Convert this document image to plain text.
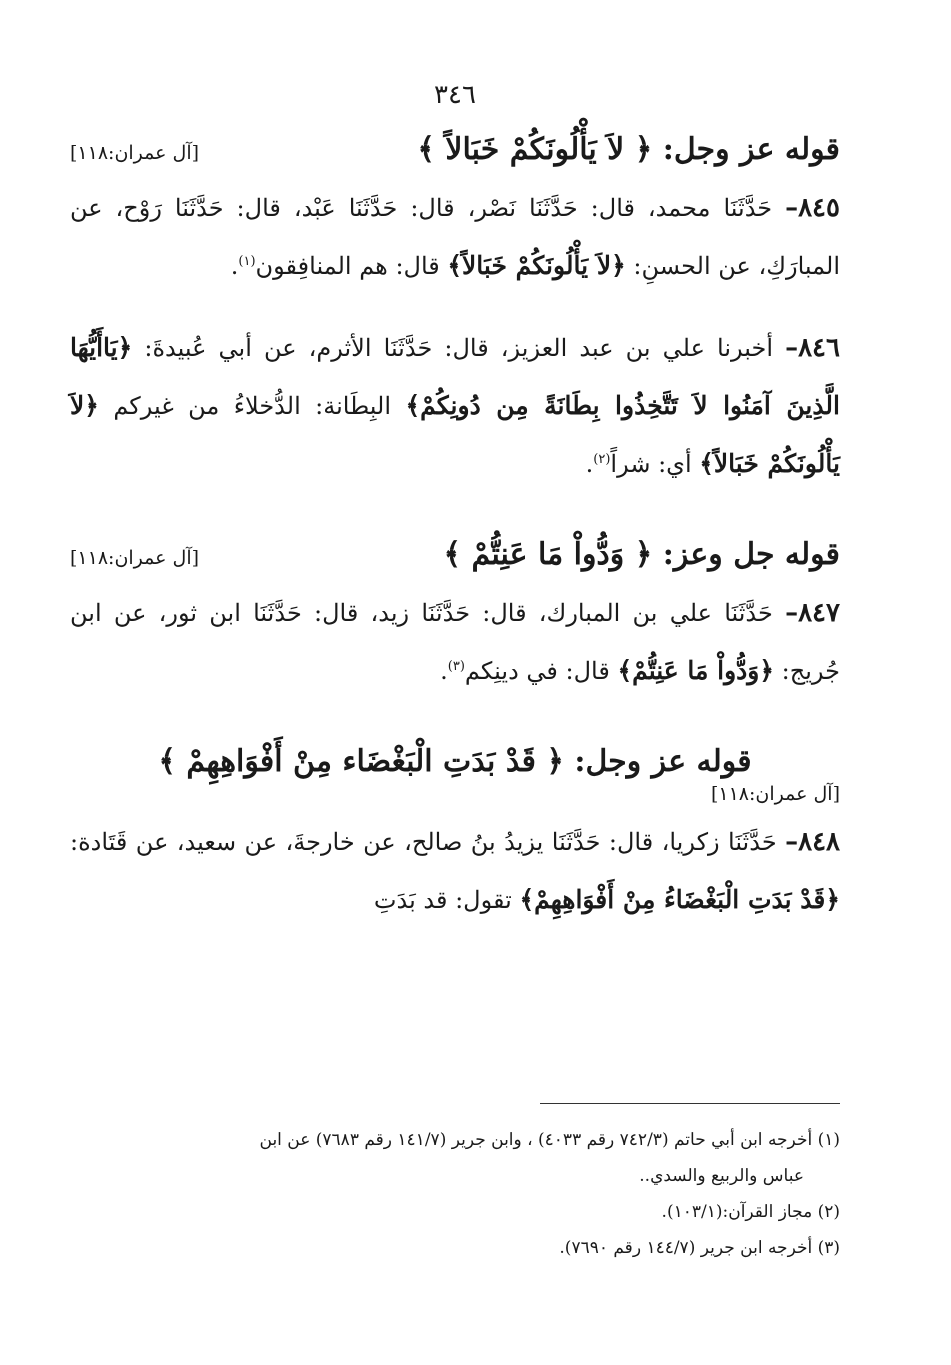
٣٤٦
قوله عز وجل: ﴿ لاَ يَأْلُونَكُمْ خَبَالاً ﴾
[آل عمران:١١٨]

٨٤٥– حَدَّثَنَا محمد، قال: حَدَّثَنَا نَصْر، قال: حَدَّثَنَا عَبْد، قال: حَدَّثَنَا رَوْح، عن المبارَكِ، عن الحسنِ: ﴿لاَ يَأْلُونَكُمْ خَبَالاً﴾ قال: هم المنافِقون$^{(١)}$.

٨٤٦– أخبرنا علي بن عبد العزيز، قال: حَدَّثَنَا الأثرم، عن أبي عُبيدةَ: ﴿يَاأَيُّهَا الَّذِينَ آمَنُوا لاَ تَتَّخِذُوا بِطَانَةً مِن دُونِكُمْ﴾ البِطَانة: الدُّخلاءُ من غيركم ﴿لاَ يَأْلُونَكُمْ خَبَالاً﴾ أي: شراً$^{(٢)}$.

قوله جل وعز: ﴿ وَدُّواْ مَا عَنِتُّمْ ﴾
[آل عمران:١١٨]

٨٤٧– حَدَّثَنَا علي بن المبارك، قال: حَدَّثَنَا زيد، قال: حَدَّثَنَا ابن ثور، عن ابن جُريج: ﴿وَدُّواْ مَا عَنِتُّمْ﴾ قال: في دينِكم$^{(٣)}$.

قوله عز وجل: ﴿ قَدْ بَدَتِ الْبَغْضَاء مِنْ أَفْوَاهِهِمْ ﴾
[آل عمران:١١٨]

٨٤٨– حَدَّثَنَا زكريا، قال: حَدَّثَنَا يزيدُ بنُ صالح، عن خارجةَ، عن سعيد، عن قَتَادة: ﴿قَدْ بَدَتِ الْبَغْضَاءُ مِنْ أَفْوَاهِهِمْ﴾ تقول: قد بَدَتِ

(١) أخرجه ابن أبي حاتم (٧٤٢/٣ رقم ٤٠٣٣) ، وابن جرير (١٤١/٧ رقم ٧٦٨٣) عن ابن
عباس والربيع والسدي..
(٢) مجاز القرآن:(١٠٣/١).
(٣) أخرجه ابن جرير (١٤٤/٧ رقم ٧٦٩٠).
